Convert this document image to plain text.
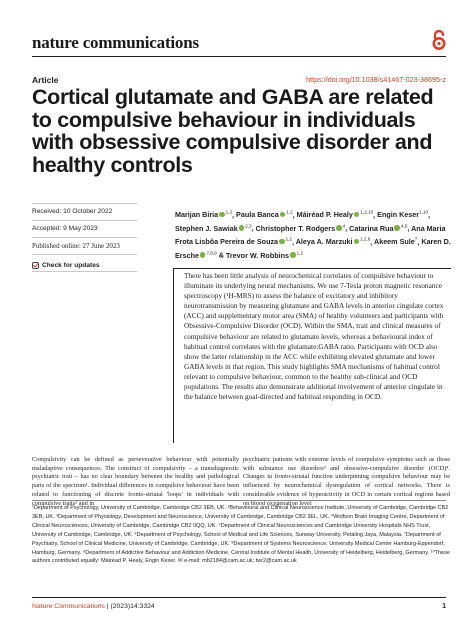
nature communications
Article	https://doi.org/10.1038/s41467-023-38695-z
Cortical glutamate and GABA are related to compulsive behaviour in individuals with obsessive compulsive disorder and healthy controls
Received: 10 October 2022
Accepted: 9 May 2023
Published online: 27 June 2023
Check for updates
Marijan Biria $^{1,2}$, Paula Banca $^{1,2}$, Máiréad P. Healy $^{1,2,10}$, Engin Keser$^{1,10}$, Stephen J. Sawiak $^{2,3}$, Christopher T. Rodgers $^4$, Catarina Rua $^{4,5}$, Ana Maria Frota Lisbôa Pereira de Souza $^{1,2}$, Aleya A. Marzuki $^{1,2,6}$, Akeem Sule$^7$, Karen D. Ersche $^{7,8,9}$ & Trevor W. Robbins $^{1,2}$
There has been little analysis of neurochemical correlates of compulsive behaviour to illuminate its underlying neural mechanisms. We use 7-Tesla proton magnetic resonance spectroscopy (¹H-MRS) to assess the balance of excitatory and inhibitory neurotransmission by measuring glutamate and GABA levels in anterior cingulate cortex (ACC) and supplementary motor area (SMA) of healthy volunteers and participants with Obsessive-Compulsive Disorder (OCD). Within the SMA, trait and clinical measures of compulsive behaviour are related to glutamate levels, whereas a behavioural index of habitual control correlates with the glutamate:GABA ratio. Participants with OCD also show the latter relationship in the ACC while exhibiting elevated glutamate and lower GABA levels in that region. This study highlights SMA mechanisms of habitual control relevant to compulsive behaviour, common to the healthy sub-clinical and OCD populations. The results also demonstrate additional involvement of anterior cingulate in the balance between goal-directed and habitual responding in OCD.
Compulsivity can be defined as perseverative behaviour with potentially maladaptive consequences. The construct of compulsivity – a transdiagnostic psychiatric trait – has no clear boundary between the healthy and pathological parts of the spectrum¹. Individual differences in compulsive behaviour have been related to functioning of discrete fronto-striatal 'loops' in individuals with compulsive traits² and in
psychiatric patients with extreme levels of compulsive symptoms such as those with substance use disorders³ and obsessive-compulsive disorder (OCD)⁴. Changes in fronto-striatal function underpinning compulsive behaviour may be influenced by neurochemical dysregulation of cortical networks. There is considerable evidence of hyperactivity in OCD in certain cortical regions based on blood oxygenation level
¹Department of Psychology, University of Cambridge, Cambridge CB2 3EB, UK. ²Behavioural and Clinical Neuroscience Institute, University of Cambridge, Cambridge CB2 3EB, UK. ³Department of Physiology, Development and Neuroscience, University of Cambridge, Cambridge CB2 3EL, UK. ⁴Wolfson Brain Imaging Centre, Department of Clinical Neurosciences, University of Cambridge, Cambridge CB2 0QQ, UK. ⁵Department of Clinical Neurosciences and Cambridge University Hospitals NHS Trust, University of Cambridge, Cambridge, UK. ⁶Department of Psychology, School of Medical and Life Sciences, Sunway University, Petaling Jaya, Malaysia. ⁷Department of Psychiatry, School of Clinical Medicine, University of Cambridge, Cambridge, UK. ⁸Department of Systems Neuroscience, University Medical Center Hamburg-Eppendorf, Hamburg, Germany. ⁹Department of Addictive Behaviour and Addiction Medicine, Central Institute of Mental Health, University of Heidelberg, Heidelberg, Germany. ¹⁰These authors contributed equally: Máiréad P. Healy, Engin Keser. ✉ e-mail: mb2184@cam.ac.uk; twr2@cam.ac.uk
Nature Communications | (2023)14:3324	1
